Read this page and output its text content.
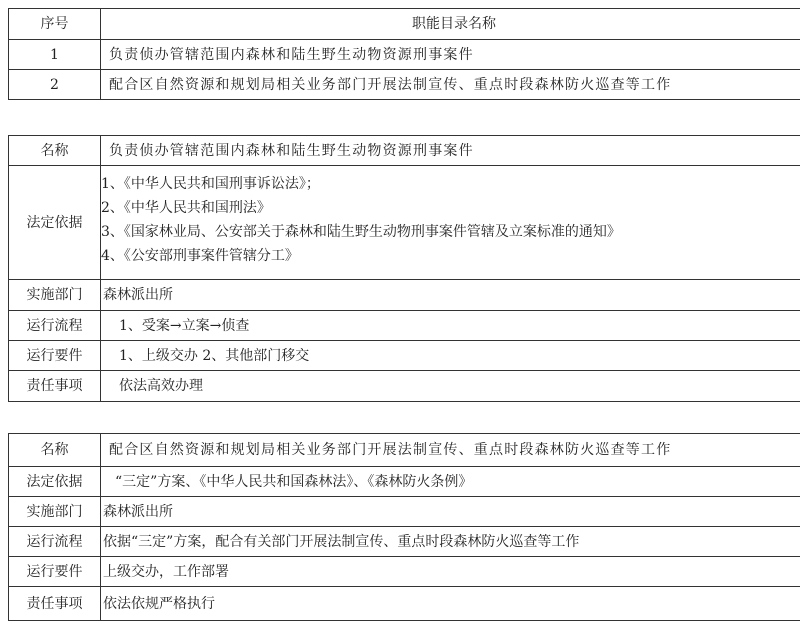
序号	职能目录名称
1	负责侦办管辖范围内森林和陆生野生动物资源刑事案件
2	配合区自然资源和规划局相关业务部门开展法制宣传、重点时段森林防火巡查等工作
名称	负责侦办管辖范围内森林和陆生野生动物资源刑事案件
法定依据	1、《中华人民共和国刑事诉讼法》；
2、《中华人民共和国刑法》
3、《国家林业局、公安部关于森林和陆生野生动物刑事案件管辖及立案标准的通知》
4、《公安部刑事案件管辖分工》

实施部门	森林派出所
运行流程	1、受案→立案→侦查
运行要件	1、上级交办 2、其他部门移交
责任事项	依法高效办理
名称	配合区自然资源和规划局相关业务部门开展法制宣传、重点时段森林防火巡查等工作
法定依据	“三定”方案、《中华人民共和国森林法》、《森林防火条例》
实施部门	森林派出所
运行流程	依据“三定”方案，配合有关部门开展法制宣传、重点时段森林防火巡查等工作
运行要件	上级交办，工作部署
责任事项	依法依规严格执行
